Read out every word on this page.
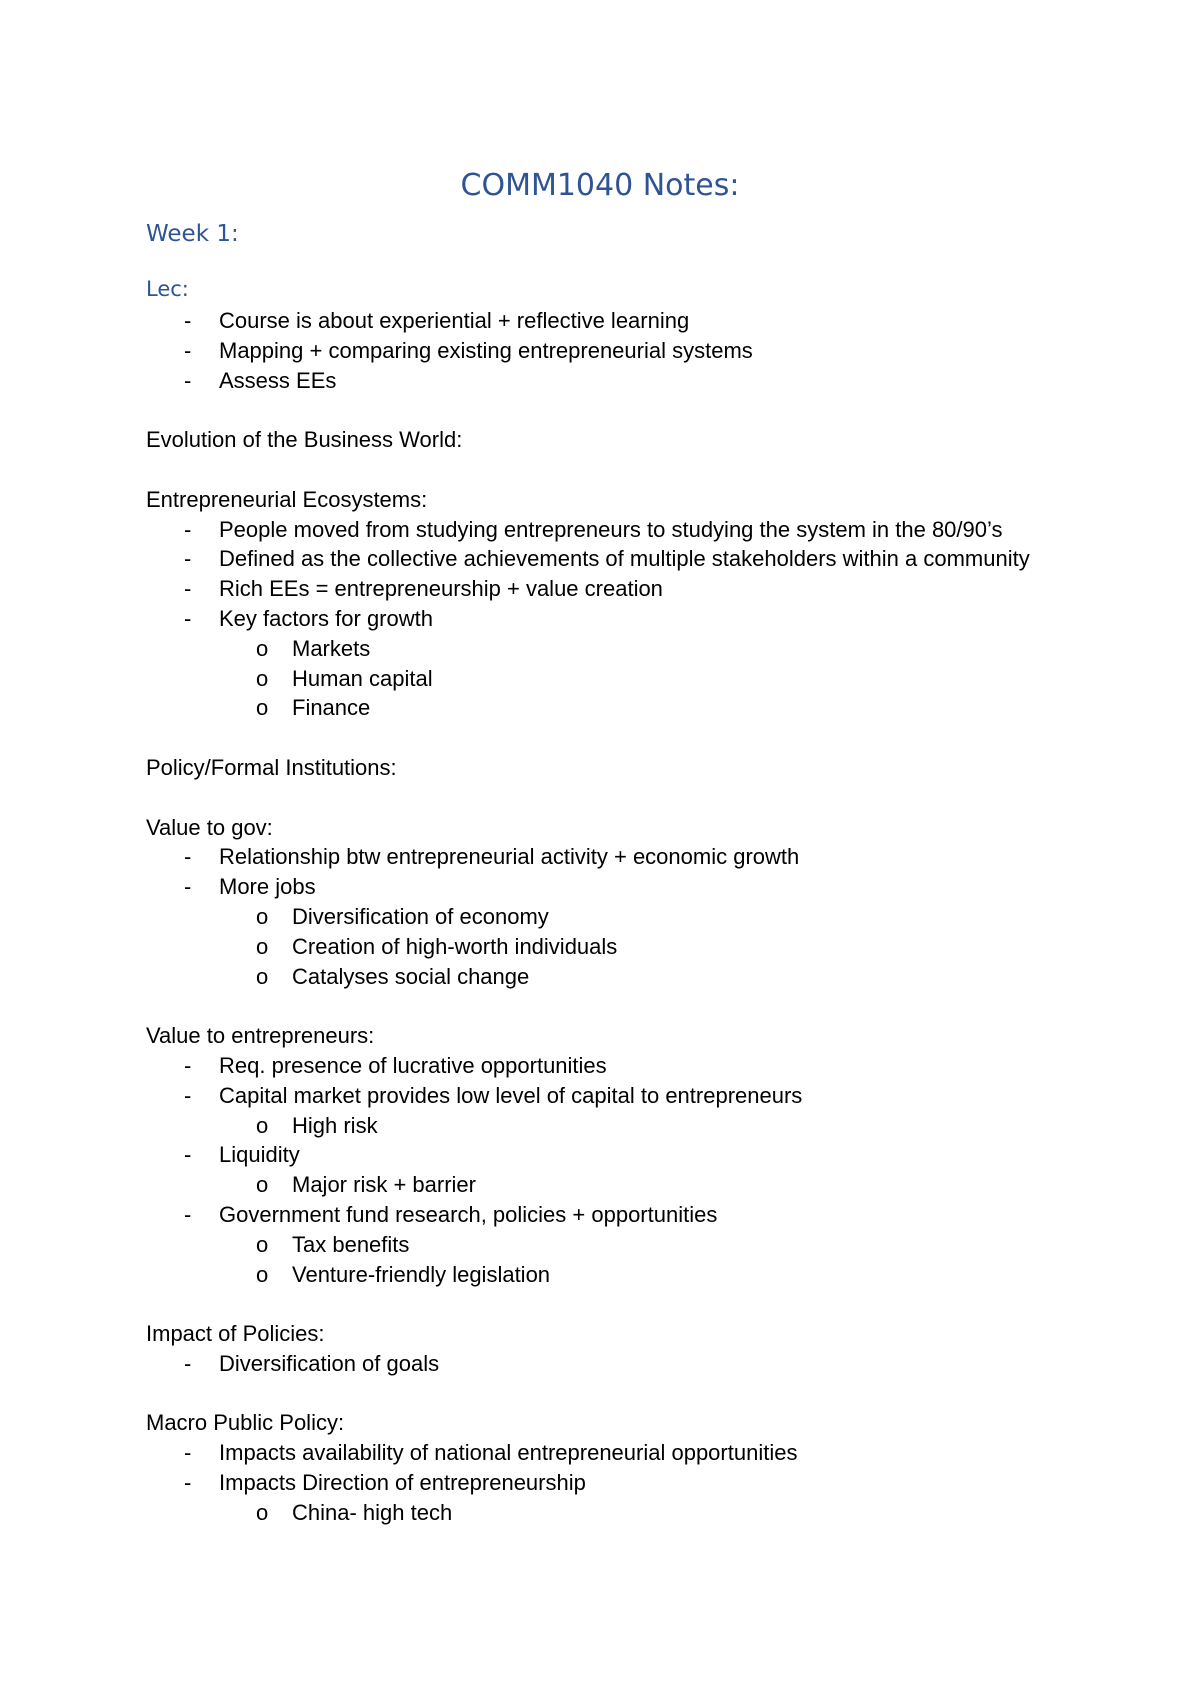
COMM1040 Notes:
Week 1:
Lec:
- Course is about experiential + reflective learning
- Mapping + comparing existing entrepreneurial systems
- Assess EEs
Evolution of the Business World:
Entrepreneurial Ecosystems:
- People moved from studying entrepreneurs to studying the system in the 80/90’s
- Defined as the collective achievements of multiple stakeholders within a community
- Rich EEs = entrepreneurship + value creation
- Key factors for growth
o Markets
o Human capital
o Finance
Policy/Formal Institutions:
Value to gov:
- Relationship btw entrepreneurial activity + economic growth
- More jobs
o Diversification of economy
o Creation of high-worth individuals
o Catalyses social change
Value to entrepreneurs:
- Req. presence of lucrative opportunities
- Capital market provides low level of capital to entrepreneurs
o High risk
- Liquidity
o Major risk + barrier
- Government fund research, policies + opportunities
o Tax benefits
o Venture-friendly legislation
Impact of Policies:
- Diversification of goals
Macro Public Policy:
- Impacts availability of national entrepreneurial opportunities
- Impacts Direction of entrepreneurship
o China- high tech
